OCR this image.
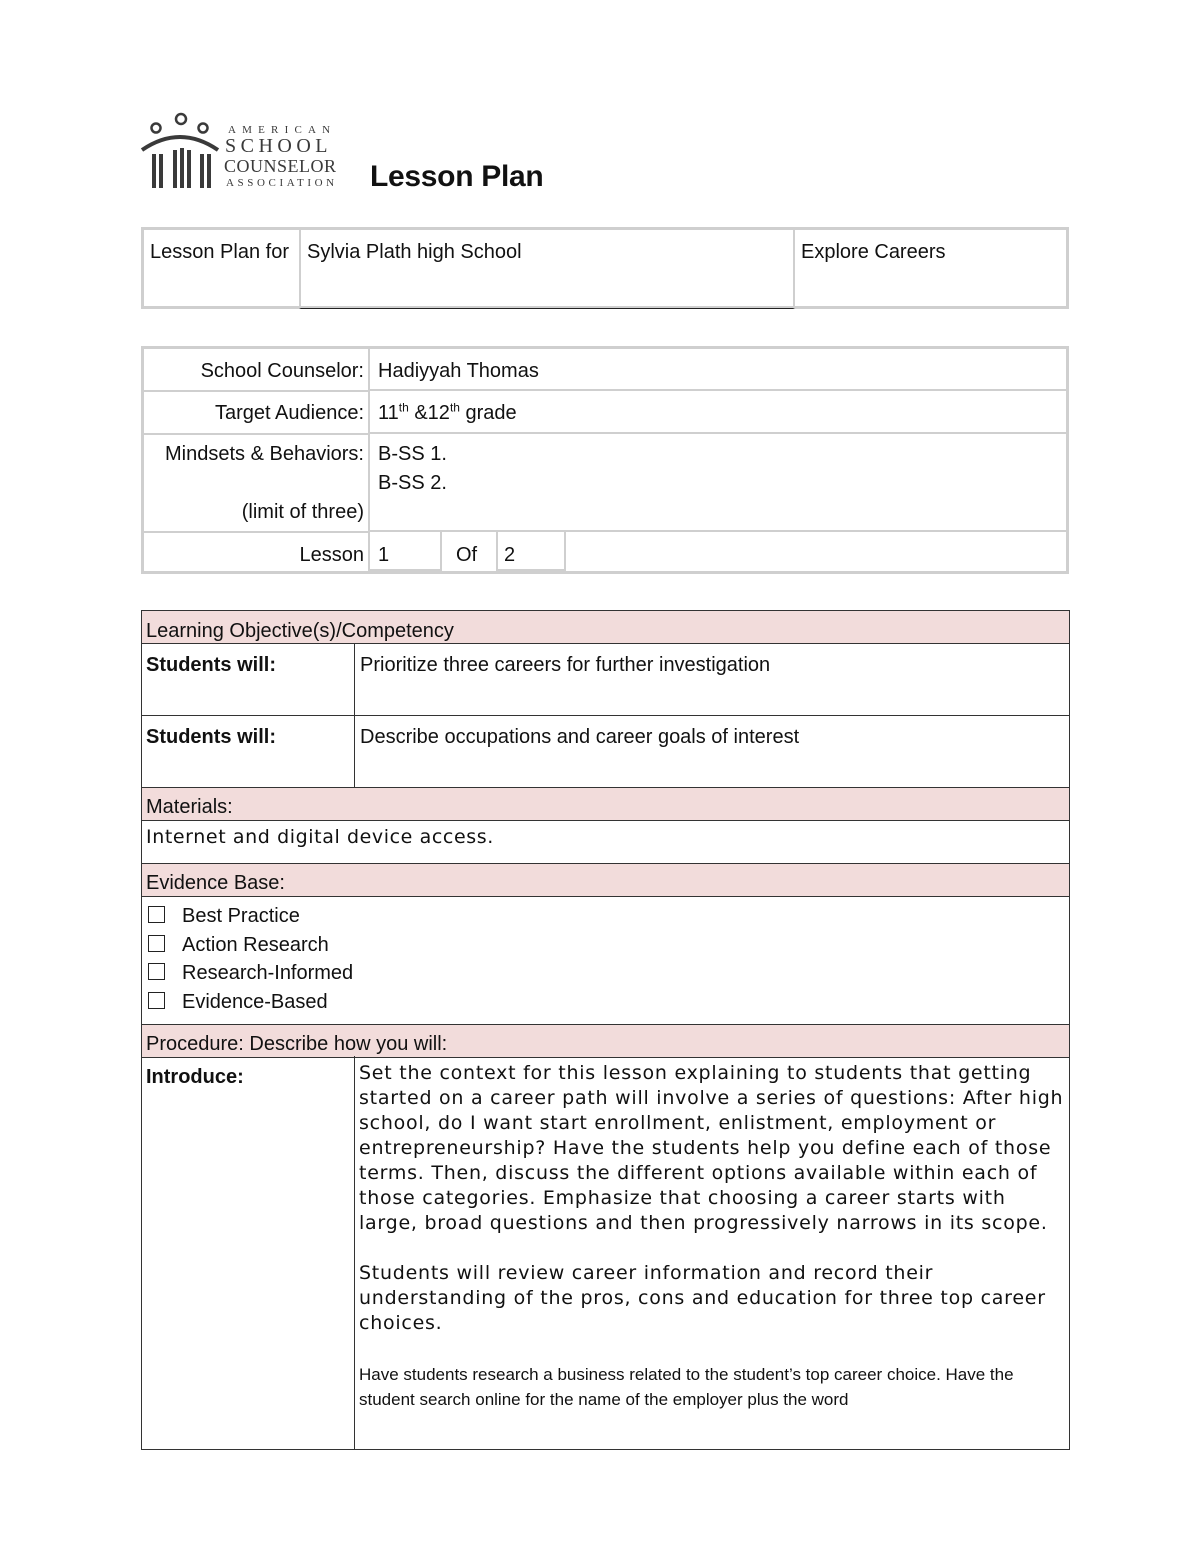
AMERICAN
SCHOOL
COUNSELOR
ASSOCIATION Lesson Plan
Lesson Plan for Sylvia Plath high School	Explore Careers
School Counselor: Hadiyyah Thomas
Target Audience: 11th &12th grade
Mindsets & Behaviors:
(limit of three)
B-SS 1.
B-SS 2.
Lesson 1	Of	2
Learning Objective(s)/Competency
Students will:	Prioritize three careers for further investigation
Students will:	Describe occupations and career goals of interest
Materials:
Internet and digital device access.
Evidence Base:
Best Practice
Action Research
Research-Informed
Evidence-Based
Procedure: Describe how you will:
Introduce:	Set the context for this lesson explaining to students that getting started on a career path will involve a series of questions: After high school, do I want start enrollment, enlistment, employment or entrepreneurship? Have the students help you define each of those terms. Then, discuss the different options available within each of those categories. Emphasize that choosing a career starts with large, broad questions and then progressively narrows in its scope.
Students will review career information and record their understanding of the pros, cons and education for three top career choices.
Have students research a business related to the student’s top career choice. Have the student search online for the name of the employer plus the word
